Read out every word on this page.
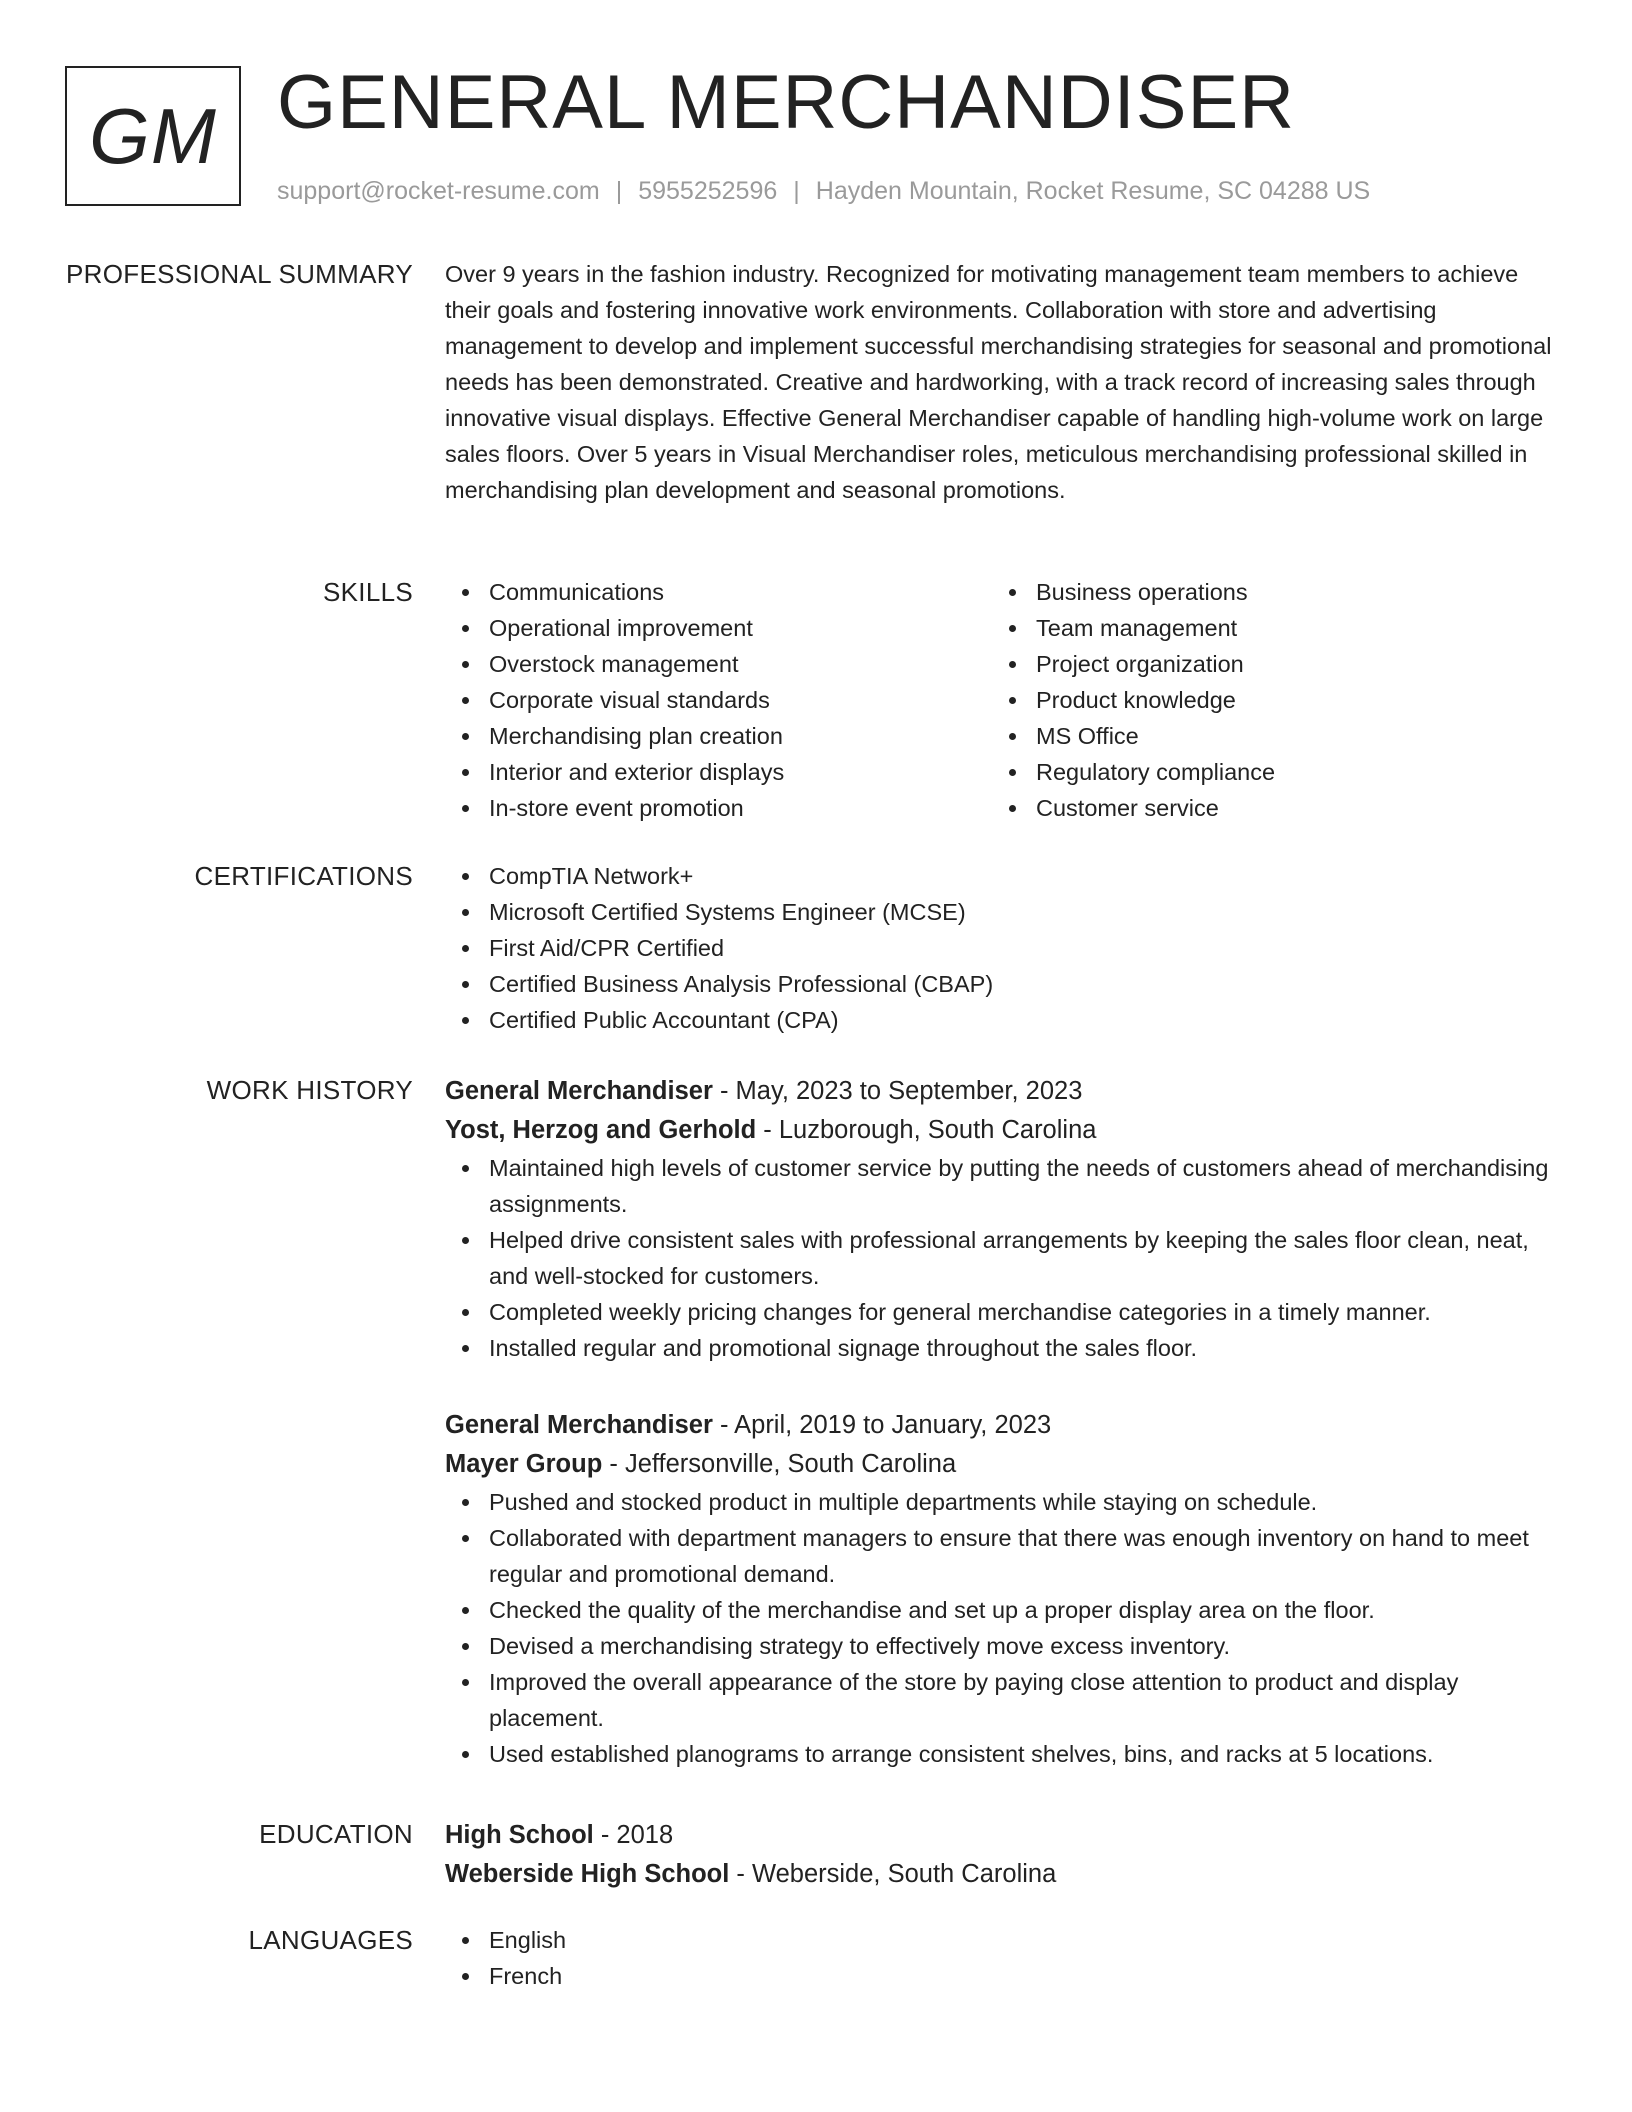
GM GENERAL MERCHANDISER
support@rocket-resume.com | 5955252596 | Hayden Mountain, Rocket Resume, SC 04288 US
PROFESSIONAL SUMMARY Over 9 years in the fashion industry. Recognized for motivating management team members to achieve their goals and fostering innovative work environments. Collaboration with store and advertising management to develop and implement successful merchandising strategies for seasonal and promotional needs has been demonstrated. Creative and hardworking, with a track record of increasing sales through innovative visual displays. Effective General Merchandiser capable of handling high-volume work on large sales floors. Over 5 years in Visual Merchandiser roles, meticulous merchandising professional skilled in merchandising plan development and seasonal promotions.

SKILLS	Communications
Operational improvement
Overstock management
Corporate visual standards
Merchandising plan creation
Interior and exterior displays
In-store event promotion
Business operations
Team management
Project organization
Product knowledge
MS Office
Regulatory compliance
Customer service
CERTIFICATIONS	CompTIA Network+
Microsoft Certified Systems Engineer (MCSE)
First Aid/CPR Certified
Certified Business Analysis Professional (CBAP)
Certified Public Accountant (CPA)
WORK HISTORY General Merchandiser - May, 2023 to September, 2023
Yost, Herzog and Gerhold - Luzborough, South Carolina
Maintained high levels of customer service by putting the needs of customers ahead of merchandising assignments.
Helped drive consistent sales with professional arrangements by keeping the sales floor clean, neat, and well-stocked for customers.
Completed weekly pricing changes for general merchandise categories in a timely manner.
Installed regular and promotional signage throughout the sales floor.
General Merchandiser - April, 2019 to January, 2023
Mayer Group - Jeffersonville, South Carolina
Pushed and stocked product in multiple departments while staying on schedule.
Collaborated with department managers to ensure that there was enough inventory on hand to meet regular and promotional demand.
Checked the quality of the merchandise and set up a proper display area on the floor.
Devised a merchandising strategy to effectively move excess inventory.
Improved the overall appearance of the store by paying close attention to product and display placement.
Used established planograms to arrange consistent shelves, bins, and racks at 5 locations.
EDUCATION High School - 2018
Weberside High School - Weberside, South Carolina
LANGUAGES	English
French
